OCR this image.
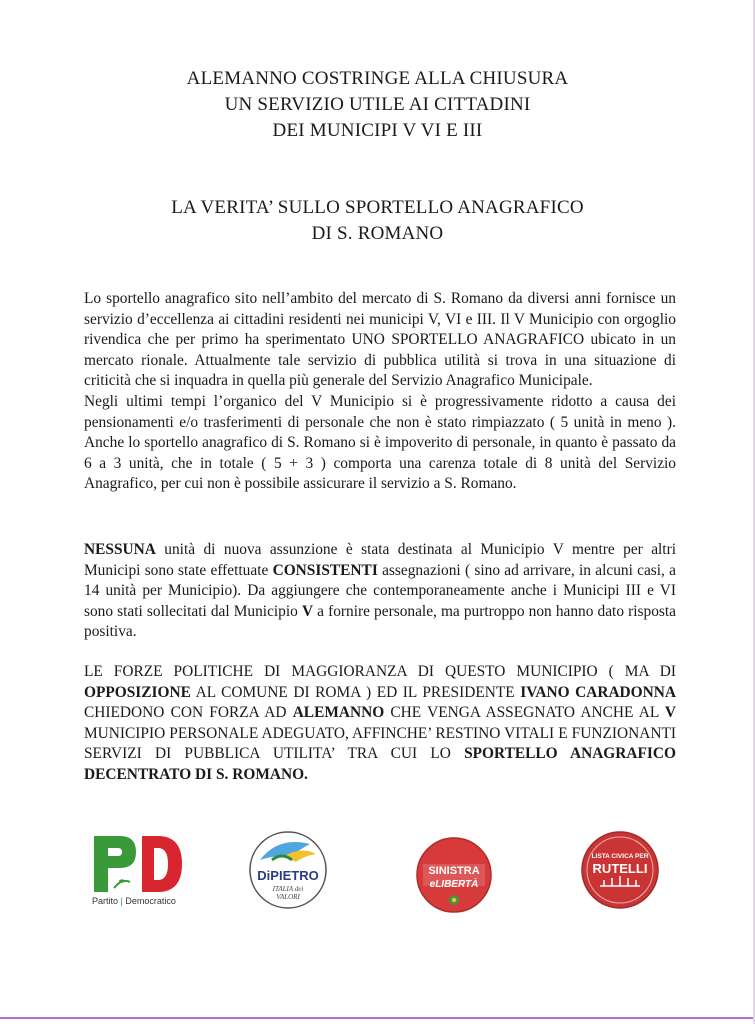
ALEMANNO COSTRINGE ALLA CHIUSURA
UN SERVIZIO UTILE AI CITTADINI
DEI MUNICIPI V VI E III
LA VERITA’ SULLO SPORTELLO ANAGRAFICO
DI S. ROMANO

Lo sportello anagrafico sito nell’ambito del mercato di S. Romano da diversi anni fornisce un servizio d’eccellenza ai cittadini residenti nei municipi V, VI e III. Il V Municipio con orgoglio rivendica che per primo ha sperimentato UNO SPORTELLO ANAGRAFICO ubicato in un mercato rionale. Attualmente tale servizio di pubblica utilità si trova in una situazione di criticità che si inquadra in quella più generale del Servizio Anagrafico Municipale.

Negli ultimi tempi l’organico del V Municipio si è progressivamente ridotto a causa dei pensionamenti e/o trasferimenti di personale che non è stato rimpiazzato ( 5 unità in meno ). Anche lo sportello anagrafico di S. Romano si è impoverito di personale, in quanto è passato da 6 a 3 unità, che in totale ( 5 + 3 ) comporta una carenza totale di 8 unità del Servizio Anagrafico, per cui non è possibile assicurare il servizio a S. Romano.

NESSUNA unità di nuova assunzione è stata destinata al Municipio V mentre per altri Municipi sono state effettuate CONSISTENTI assegnazioni ( sino ad arrivare, in alcuni casi, a 14 unità per Municipio). Da aggiungere che contemporaneamente anche i Municipi III e VI sono stati sollecitati dal Municipio V a fornire personale, ma purtroppo non hanno dato risposta positiva.

LE FORZE POLITICHE DI MAGGIORANZA DI QUESTO MUNICIPIO ( MA DI OPPOSIZIONE AL COMUNE DI ROMA ) ED IL PRESIDENTE IVANO CARADONNA CHIEDONO CON FORZA AD ALEMANNO CHE VENGA ASSEGNATO ANCHE AL V MUNICIPIO PERSONALE ADEGUATO, AFFINCHE’ RESTINO VITALI E FUNZIONANTI SERVIZI DI PUBBLICA UTILITA’ TRA CUI LO SPORTELLO ANAGRAFICO DECENTRATO DI S. ROMANO.

Partito | Democratico
DiPIETRO
ITALIA dei
VALORI
SINISTRA
eLIBERTÀ
LISTA CIVICA PER
RUTELLI
